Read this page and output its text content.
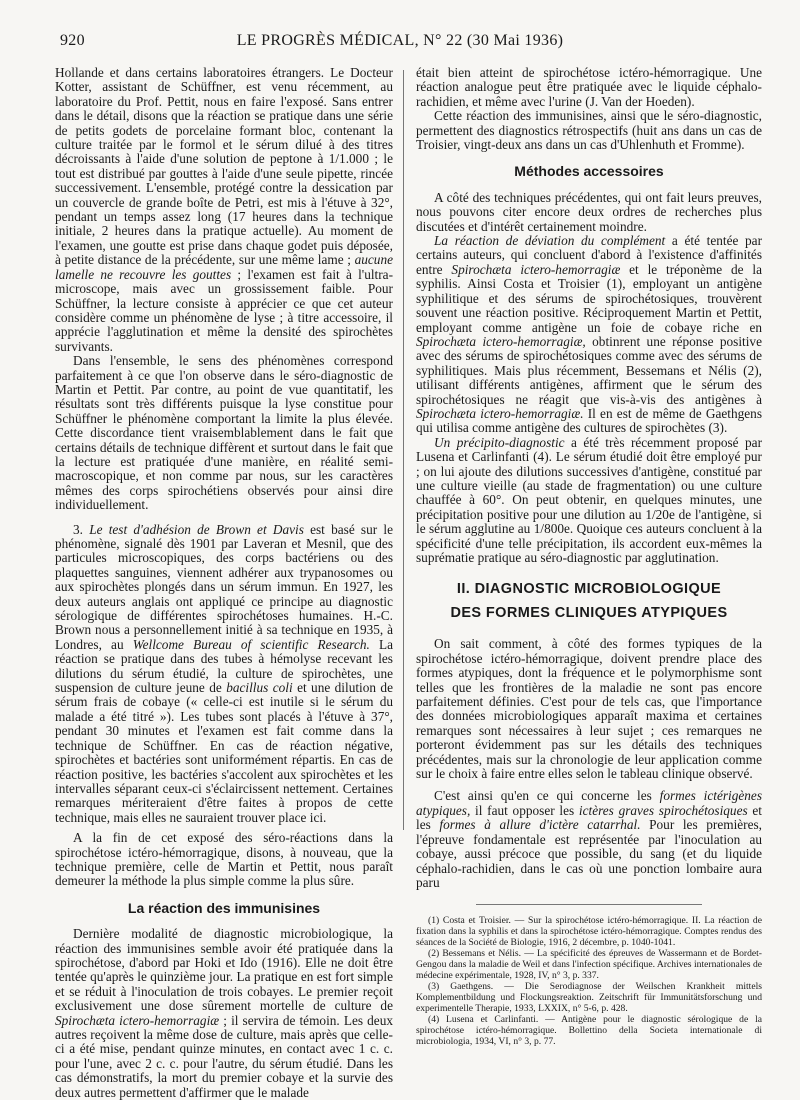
920	LE PROGRÈS MÉDICAL, N° 22 (30 Mai 1936)

Hollande et dans certains laboratoires étrangers. Le Docteur Kotter, assistant de Schüffner, est venu récemment, au laboratoire du Prof. Pettit, nous en faire l'exposé. Sans entrer dans le détail, disons que la réaction se pratique dans une série de petits godets de porcelaine formant bloc, contenant la culture traitée par le formol et le sérum dilué à des titres décroissants à l'aide d'une solution de peptone à 1/1.000 ; le tout est distribué par gouttes à l'aide d'une seule pipette, rincée successivement. L'ensemble, protégé contre la dessication par un couvercle de grande boîte de Petri, est mis à l'étuve à 32°, pendant un temps assez long (17 heures dans la technique initiale, 2 heures dans la pratique actuelle). Au moment de l'examen, une goutte est prise dans chaque godet puis déposée, à petite distance de la précédente, sur une même lame ; aucune lamelle ne recouvre les gouttes ; l'examen est fait à l'ultra-microscope, mais avec un grossissement faible. Pour Schüffner, la lecture consiste à apprécier ce que cet auteur considère comme un phénomène de lyse ; à titre accessoire, il apprécie l'agglutination et même la densité des spirochètes survivants.

Dans l'ensemble, le sens des phénomènes correspond parfaitement à ce que l'on observe dans le séro-diagnostic de Martin et Pettit. Par contre, au point de vue quantitatif, les résultats sont très différents puisque la lyse constitue pour Schüffner le phénomène comportant la limite la plus élevée. Cette discordance tient vraisemblablement dans le fait que certains détails de technique diffèrent et surtout dans le fait que la lecture est pratiquée d'une manière, en réalité semi-macroscopique, et non comme par nous, sur les caractères mêmes des corps spirochétiens observés pour ainsi dire individuellement.

3. Le test d'adhésion de Brown et Davis est basé sur le phénomène, signalé dès 1901 par Laveran et Mesnil, que des particules microscopiques, des corps bactériens ou des plaquettes sanguines, viennent adhérer aux trypanosomes ou aux spirochètes plongés dans un sérum immun. En 1927, les deux auteurs anglais ont appliqué ce principe au diagnostic sérologique de différentes spirochétoses humaines. H.-C. Brown nous a personnellement initié à sa technique en 1935, à Londres, au Wellcome Bureau of scientific Research. La réaction se pratique dans des tubes à hémolyse recevant les dilutions du sérum étudié, la culture de spirochètes, une suspension de culture jeune de bacillus coli et une dilution de sérum frais de cobaye (« celle-ci est inutile si le sérum du malade a été titré »). Les tubes sont placés à l'étuve à 37°, pendant 30 minutes et l'examen est fait comme dans la technique de Schüffner. En cas de réaction négative, spirochètes et bactéries sont uniformément répartis. En cas de réaction positive, les bactéries s'accolent aux spirochètes et les intervalles séparant ceux-ci s'éclaircissent nettement. Certaines remarques mériteraient d'être faites à propos de cette technique, mais elles ne sauraient trouver place ici.

A la fin de cet exposé des séro-réactions dans la spirochétose ictéro-hémorragique, disons, à nouveau, que la technique première, celle de Martin et Pettit, nous paraît demeurer la méthode la plus simple comme la plus sûre.

La réaction des immunisines

Dernière modalité de diagnostic microbiologique, la réaction des immunisines semble avoir été pratiquée dans la spirochétose, d'abord par Hoki et Ido (1916). Elle ne doit être tentée qu'après le quinzième jour. La pratique en est fort simple et se réduit à l'inoculation de trois cobayes. Le premier reçoit exclusivement une dose sûrement mortelle de culture de Spirochæta ictero-hemorragiæ ; il servira de témoin. Les deux autres reçoivent la même dose de culture, mais après que celle-ci a été mise, pendant quinze minutes, en contact avec 1 c. c. pour l'une, avec 2 c. c. pour l'autre, du sérum étudié. Dans les cas démonstratifs, la mort du premier cobaye et la survie des deux autres permettent d'affirmer que le malade

était bien atteint de spirochétose ictéro-hémorragique. Une réaction analogue peut être pratiquée avec le liquide céphalo-rachidien, et même avec l'urine (J. Van der Hoeden).

Cette réaction des immunisines, ainsi que le séro-diagnostic, permettent des diagnostics rétrospectifs (huit ans dans un cas de Troisier, vingt-deux ans dans un cas d'Uhlenhuth et Fromme).

Méthodes accessoires

A côté des techniques précédentes, qui ont fait leurs preuves, nous pouvons citer encore deux ordres de recherches plus discutées et d'intérêt certainement moindre.

La réaction de déviation du complément a été tentée par certains auteurs, qui concluent d'abord à l'existence d'affinités entre Spirochæta ictero-hemorragiæ et le tréponème de la syphilis. Ainsi Costa et Troisier (1), employant un antigène syphilitique et des sérums de spirochétosiques, trouvèrent souvent une réaction positive. Réciproquement Martin et Pettit, employant comme antigène un foie de cobaye riche en Spirochæta ictero-hemorragiæ, obtinrent une réponse positive avec des sérums de spirochétosiques comme avec des sérums de syphilitiques. Mais plus récemment, Bessemans et Nélis (2), utilisant différents antigènes, affirment que le sérum des spirochétosiques ne réagit que vis-à-vis des antigènes à Spirochæta ictero-hemorragiæ. Il en est de même de Gaethgens qui utilisa comme antigène des cultures de spirochètes (3).

Un précipito-diagnostic a été très récemment proposé par Lusena et Carlinfanti (4). Le sérum étudié doit être employé pur ; on lui ajoute des dilutions successives d'antigène, constitué par une culture vieille (au stade de fragmentation) ou une culture chauffée à 60°. On peut obtenir, en quelques minutes, une précipitation positive pour une dilution au 1/20e de l'antigène, si le sérum agglutine au 1/800e. Quoique ces auteurs concluent à la spécificité d'une telle précipitation, ils accordent eux-mêmes la suprématie pratique au séro-diagnostic par agglutination.

II. DIAGNOSTIC MICROBIOLOGIQUE
DES FORMES CLINIQUES ATYPIQUES

On sait comment, à côté des formes typiques de la spirochétose ictéro-hémorragique, doivent prendre place des formes atypiques, dont la fréquence et le polymorphisme sont telles que les frontières de la maladie ne sont pas encore parfaitement définies. C'est pour de tels cas, que l'importance des données microbiologiques apparaît maxima et certaines remarques sont nécessaires à leur sujet ; ces remarques ne porteront évidemment pas sur les détails des techniques précédentes, mais sur la chronologie de leur application comme sur le choix à faire entre elles selon le tableau clinique observé.

C'est ainsi qu'en ce qui concerne les formes ictérigènes atypiques, il faut opposer les ictères graves spirochétosiques et les formes à allure d'ictère catarrhal. Pour les premières, l'épreuve fondamentale est représentée par l'inoculation au cobaye, aussi précoce que possible, du sang (et du liquide céphalo-rachidien, dans le cas où une ponction lombaire aura paru

(1) Costa et Troisier. — Sur la spirochétose ictéro-hémorragique. II. La réaction de fixation dans la syphilis et dans la spirochétose ictéro-hémorragique. Comptes rendus des séances de la Société de Biologie, 1916, 2 décembre, p. 1040-1041.

(2) Bessemans et Nélis. — La spécificité des épreuves de Wassermann et de Bordet-Gengou dans la maladie de Weil et dans l'infection spécifique. Archives internationales de médecine expérimentale, 1928, IV, n° 3, p. 337.

(3) Gaethgens. — Die Serodiagnose der Weilschen Krankheit mittels Komplementbildung und Flockungsreaktion. Zeitschrift für Immunitätsforschung und experimentelle Therapie, 1933, LXXIX, n° 5-6, p. 428.

(4) Lusena et Carlinfanti. — Antigène pour le diagnostic sérologique de la spirochétose ictéro-hémorragique. Bollettino della Societa internationale di microbiologia, 1934, VI, n° 3, p. 77.
